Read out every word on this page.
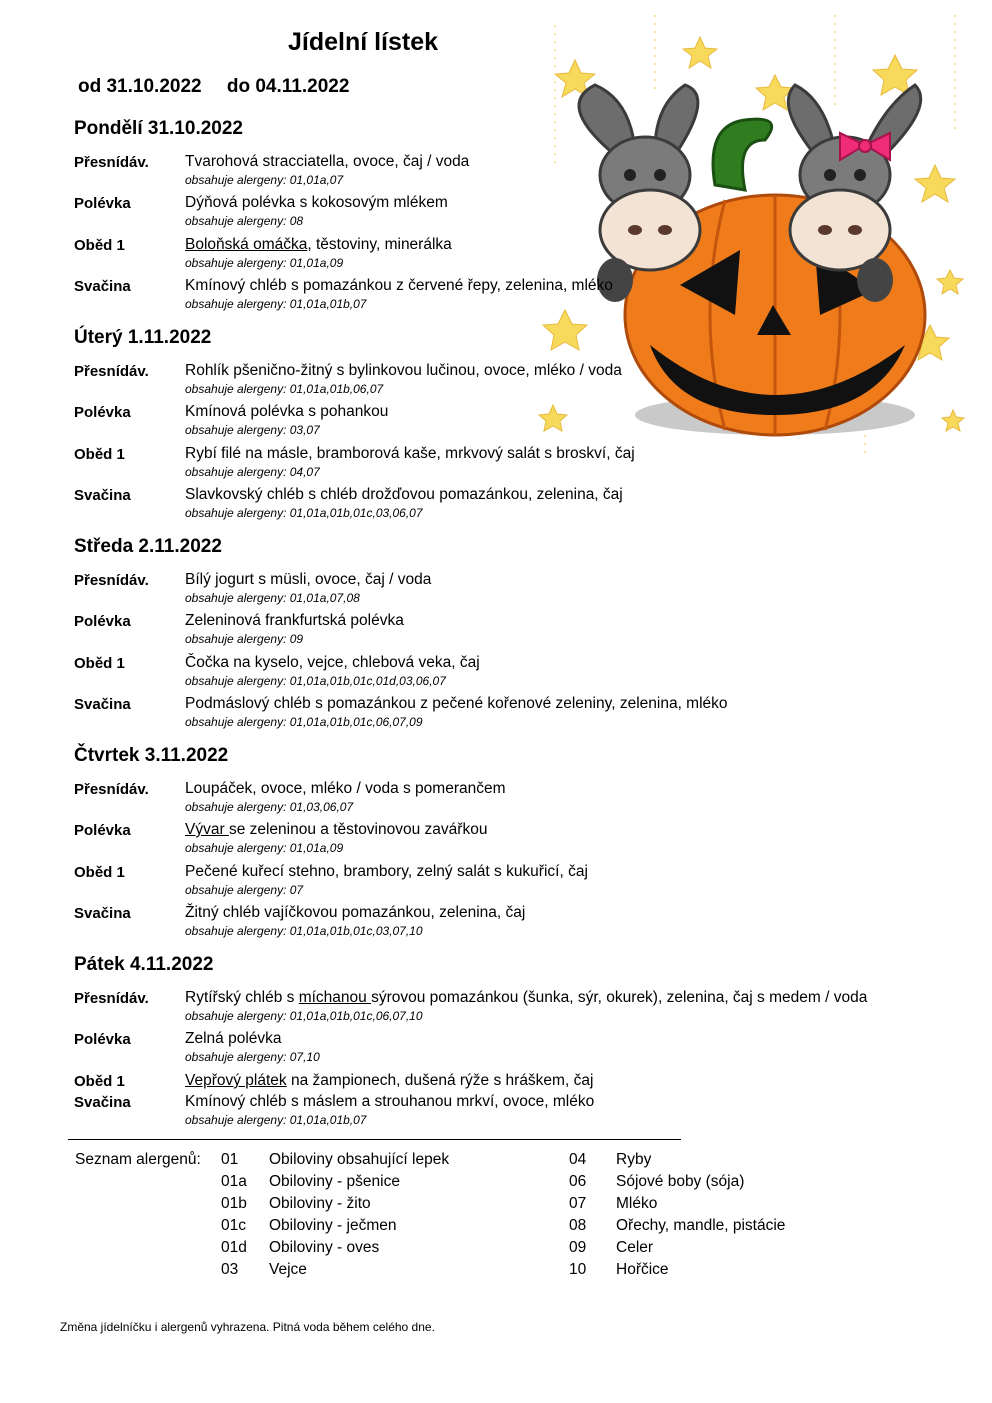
Jídelní lístek
od 31.10.2022 do 04.11.2022
Pondělí 31.10.2022
Přesnídáv. Tvarohová stracciatella, ovoce, čaj / voda
obsahuje alergeny: 01,01a,07
Polévka	Dýňová polévka s kokosovým mlékem
obsahuje alergeny: 08
Oběd 1	Boloňská omáčka, těstoviny, minerálka
obsahuje alergeny: 01,01a,09
Svačina	Kmínový chléb s pomazánkou z červené řepy, zelenina, mléko
obsahuje alergeny: 01,01a,01b,07
Úterý 1.11.2022
Přesnídáv. Rohlík pšenično-žitný s bylinkovou lučinou, ovoce, mléko / voda
obsahuje alergeny: 01,01a,01b,06,07
Polévka	Kmínová polévka s pohankou
obsahuje alergeny: 03,07
Oběd 1	Rybí filé na másle, bramborová kaše, mrkvový salát s broskví, čaj
obsahuje alergeny: 04,07
Svačina	Slavkovský chléb s chléb drožďovou pomazánkou, zelenina, čaj
obsahuje alergeny: 01,01a,01b,01c,03,06,07
Středa 2.11.2022
Přesnídáv. Bílý jogurt s müsli, ovoce, čaj / voda
obsahuje alergeny: 01,01a,07,08
Polévka	Zeleninová frankfurtská polévka
obsahuje alergeny: 09
Oběd 1	Čočka na kyselo, vejce, chlebová veka, čaj
obsahuje alergeny: 01,01a,01b,01c,01d,03,06,07
Svačina	Podmáslový chléb s pomazánkou z pečené kořenové zeleniny, zelenina, mléko
obsahuje alergeny: 01,01a,01b,01c,06,07,09
Čtvrtek 3.11.2022
Přesnídáv. Loupáček, ovoce, mléko / voda s pomerančem
obsahuje alergeny: 01,03,06,07
Polévka	Vývar se zeleninou a těstovinovou zavářkou
obsahuje alergeny: 01,01a,09
Oběd 1	Pečené kuřecí stehno, brambory, zelný salát s kukuřicí, čaj
obsahuje alergeny: 07
Svačina	Žitný chléb vajíčkovou pomazánkou, zelenina, čaj
obsahuje alergeny: 01,01a,01b,01c,03,07,10
Pátek 4.11.2022
Přesnídáv. Rytířský chléb s míchanou sýrovou pomazánkou (šunka, sýr, okurek), zelenina, čaj s medem / voda
obsahuje alergeny: 01,01a,01b,01c,06,07,10
Polévka	Zelná polévka
obsahuje alergeny: 07,10
Oběd 1	Vepřový plátek na žampionech, dušená rýže s hráškem, čaj
Svačina	Kmínový chléb s máslem a strouhanou mrkví, ovoce, mléko
obsahuje alergeny: 01,01a,01b,07
Seznam alergenů: 01 Obiloviny obsahující lepek
01a Obiloviny - pšenice
01b Obiloviny - žito
01c Obiloviny - ječmen
01d Obiloviny - oves
03 Vejce
04 Ryby
06 Sójové boby (sója)
07 Mléko
08 Ořechy, mandle, pistácie
09 Celer
10 Hořčice
Změna jídelníčku i alergenů vyhrazena. Pitná voda během celého dne.
